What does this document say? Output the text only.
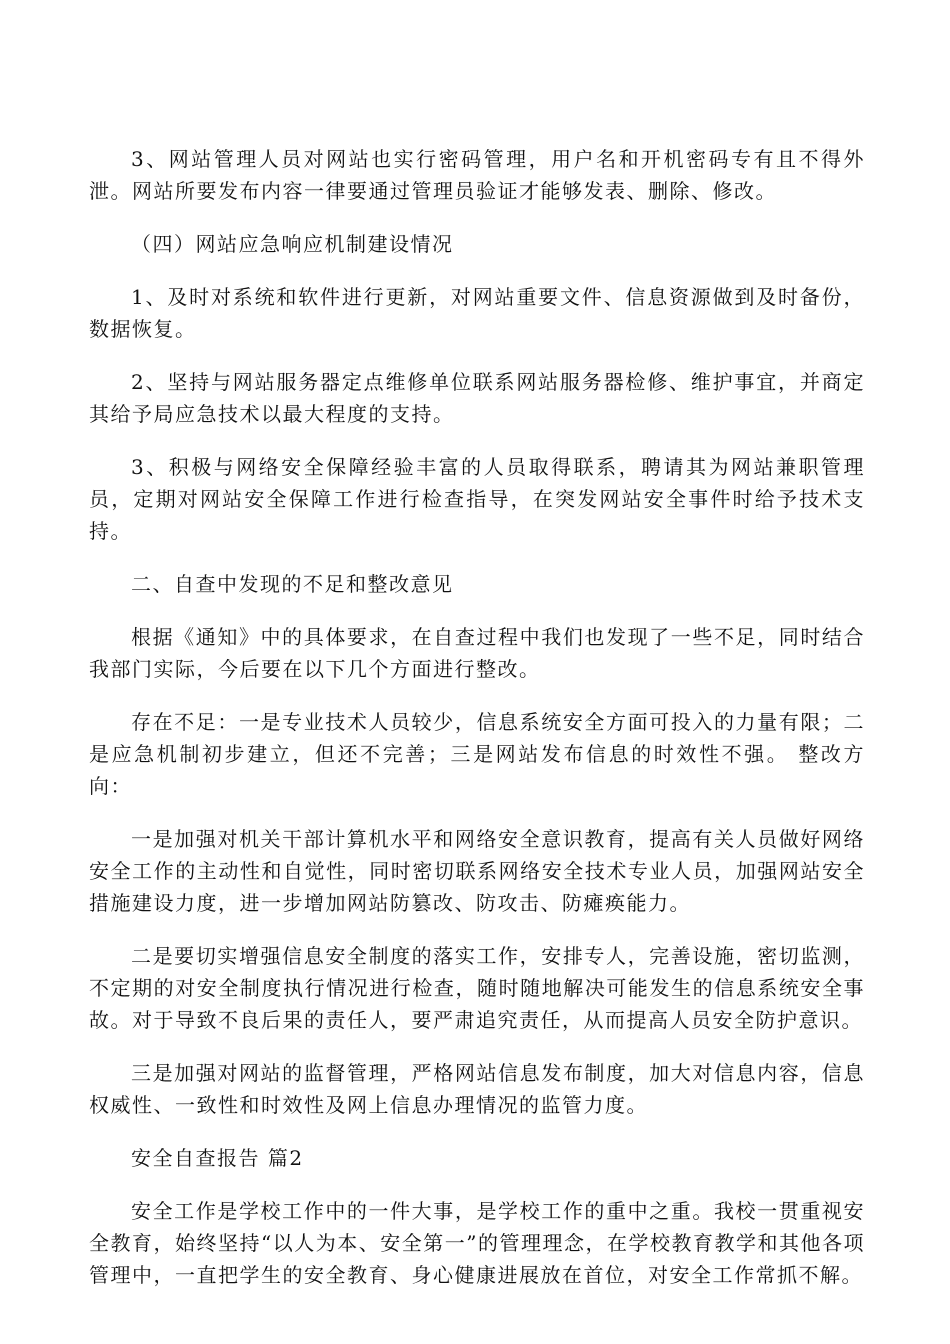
3、网站管理人员对网站也实行密码管理，用户名和开机密码专有且不得外泄。网站所要发布内容一律要通过管理员验证才能够发表、删除、修改。

（四）网站应急响应机制建设情况

1、及时对系统和软件进行更新，对网站重要文件、信息资源做到及时备份，数据恢复。

2、坚持与网站服务器定点维修单位联系网站服务器检修、维护事宜，并商定其给予局应急技术以最大程度的支持。

3、积极与网络安全保障经验丰富的人员取得联系，聘请其为网站兼职管理员，定期对网站安全保障工作进行检查指导，在突发网站安全事件时给予技术支持。

二、自查中发现的不足和整改意见

根据《通知》中的具体要求，在自查过程中我们也发现了一些不足，同时结合我部门实际，今后要在以下几个方面进行整改。

存在不足：一是专业技术人员较少，信息系统安全方面可投入的力量有限；二是应急机制初步建立，但还不完善；三是网站发布信息的时效性不强。 整改方向：

一是加强对机关干部计算机水平和网络安全意识教育，提高有关人员做好网络安全工作的主动性和自觉性，同时密切联系网络安全技术专业人员，加强网站安全措施建设力度，进一步增加网站防篡改、防攻击、防瘫痪能力。

二是要切实增强信息安全制度的落实工作，安排专人，完善设施，密切监测，不定期的对安全制度执行情况进行检查，随时随地解决可能发生的信息系统安全事故。对于导致不良后果的责任人，要严肃追究责任，从而提高人员安全防护意识。

三是加强对网站的监督管理，严格网站信息发布制度，加大对信息内容，信息权威性、一致性和时效性及网上信息办理情况的监管力度。

安全自查报告 篇2

安全工作是学校工作中的一件大事，是学校工作的重中之重。我校一贯重视安全教育，始终坚持“以人为本、安全第一”的管理理念，在学校教育教学和其他各项管理中，一直把学生的安全教育、身心健康进展放在首位，对安全工作常抓不解。
